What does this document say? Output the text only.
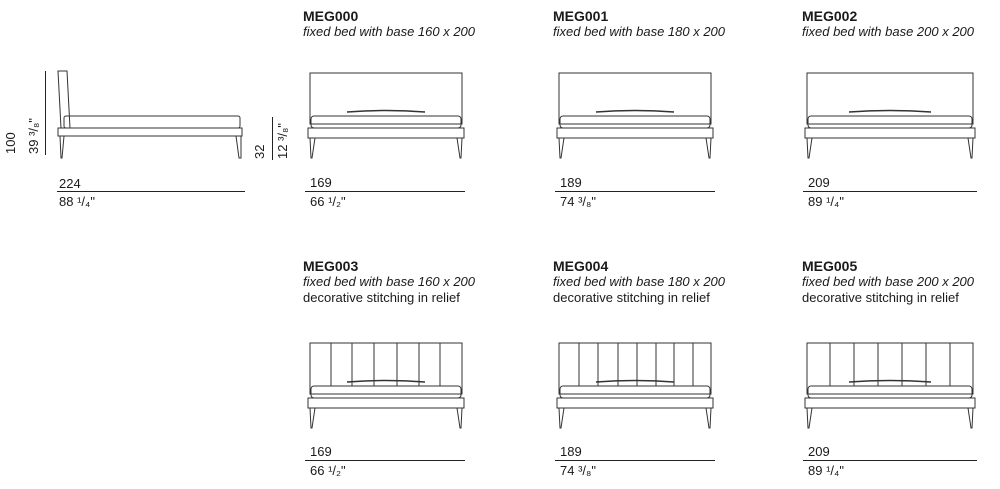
100 39 ³/₈"
224
88 ¹/₄"
32 12 ³/₈"
MEG000
fixed bed with base 160 x 200
169
66 ¹/₂"
MEG001
fixed bed with base 180 x 200
189
74 ³/₈"
MEG002
fixed bed with base 200 x 200
209
89 ¹/₄"
MEG003
fixed bed with base 160 x 200
decorative stitching in relief
169
66 ¹/₂"
MEG004
fixed bed with base 180 x 200
decorative stitching in relief
189
74 ³/₈"
MEG005
fixed bed with base 200 x 200
decorative stitching in relief
209
89 ¹/₄"
